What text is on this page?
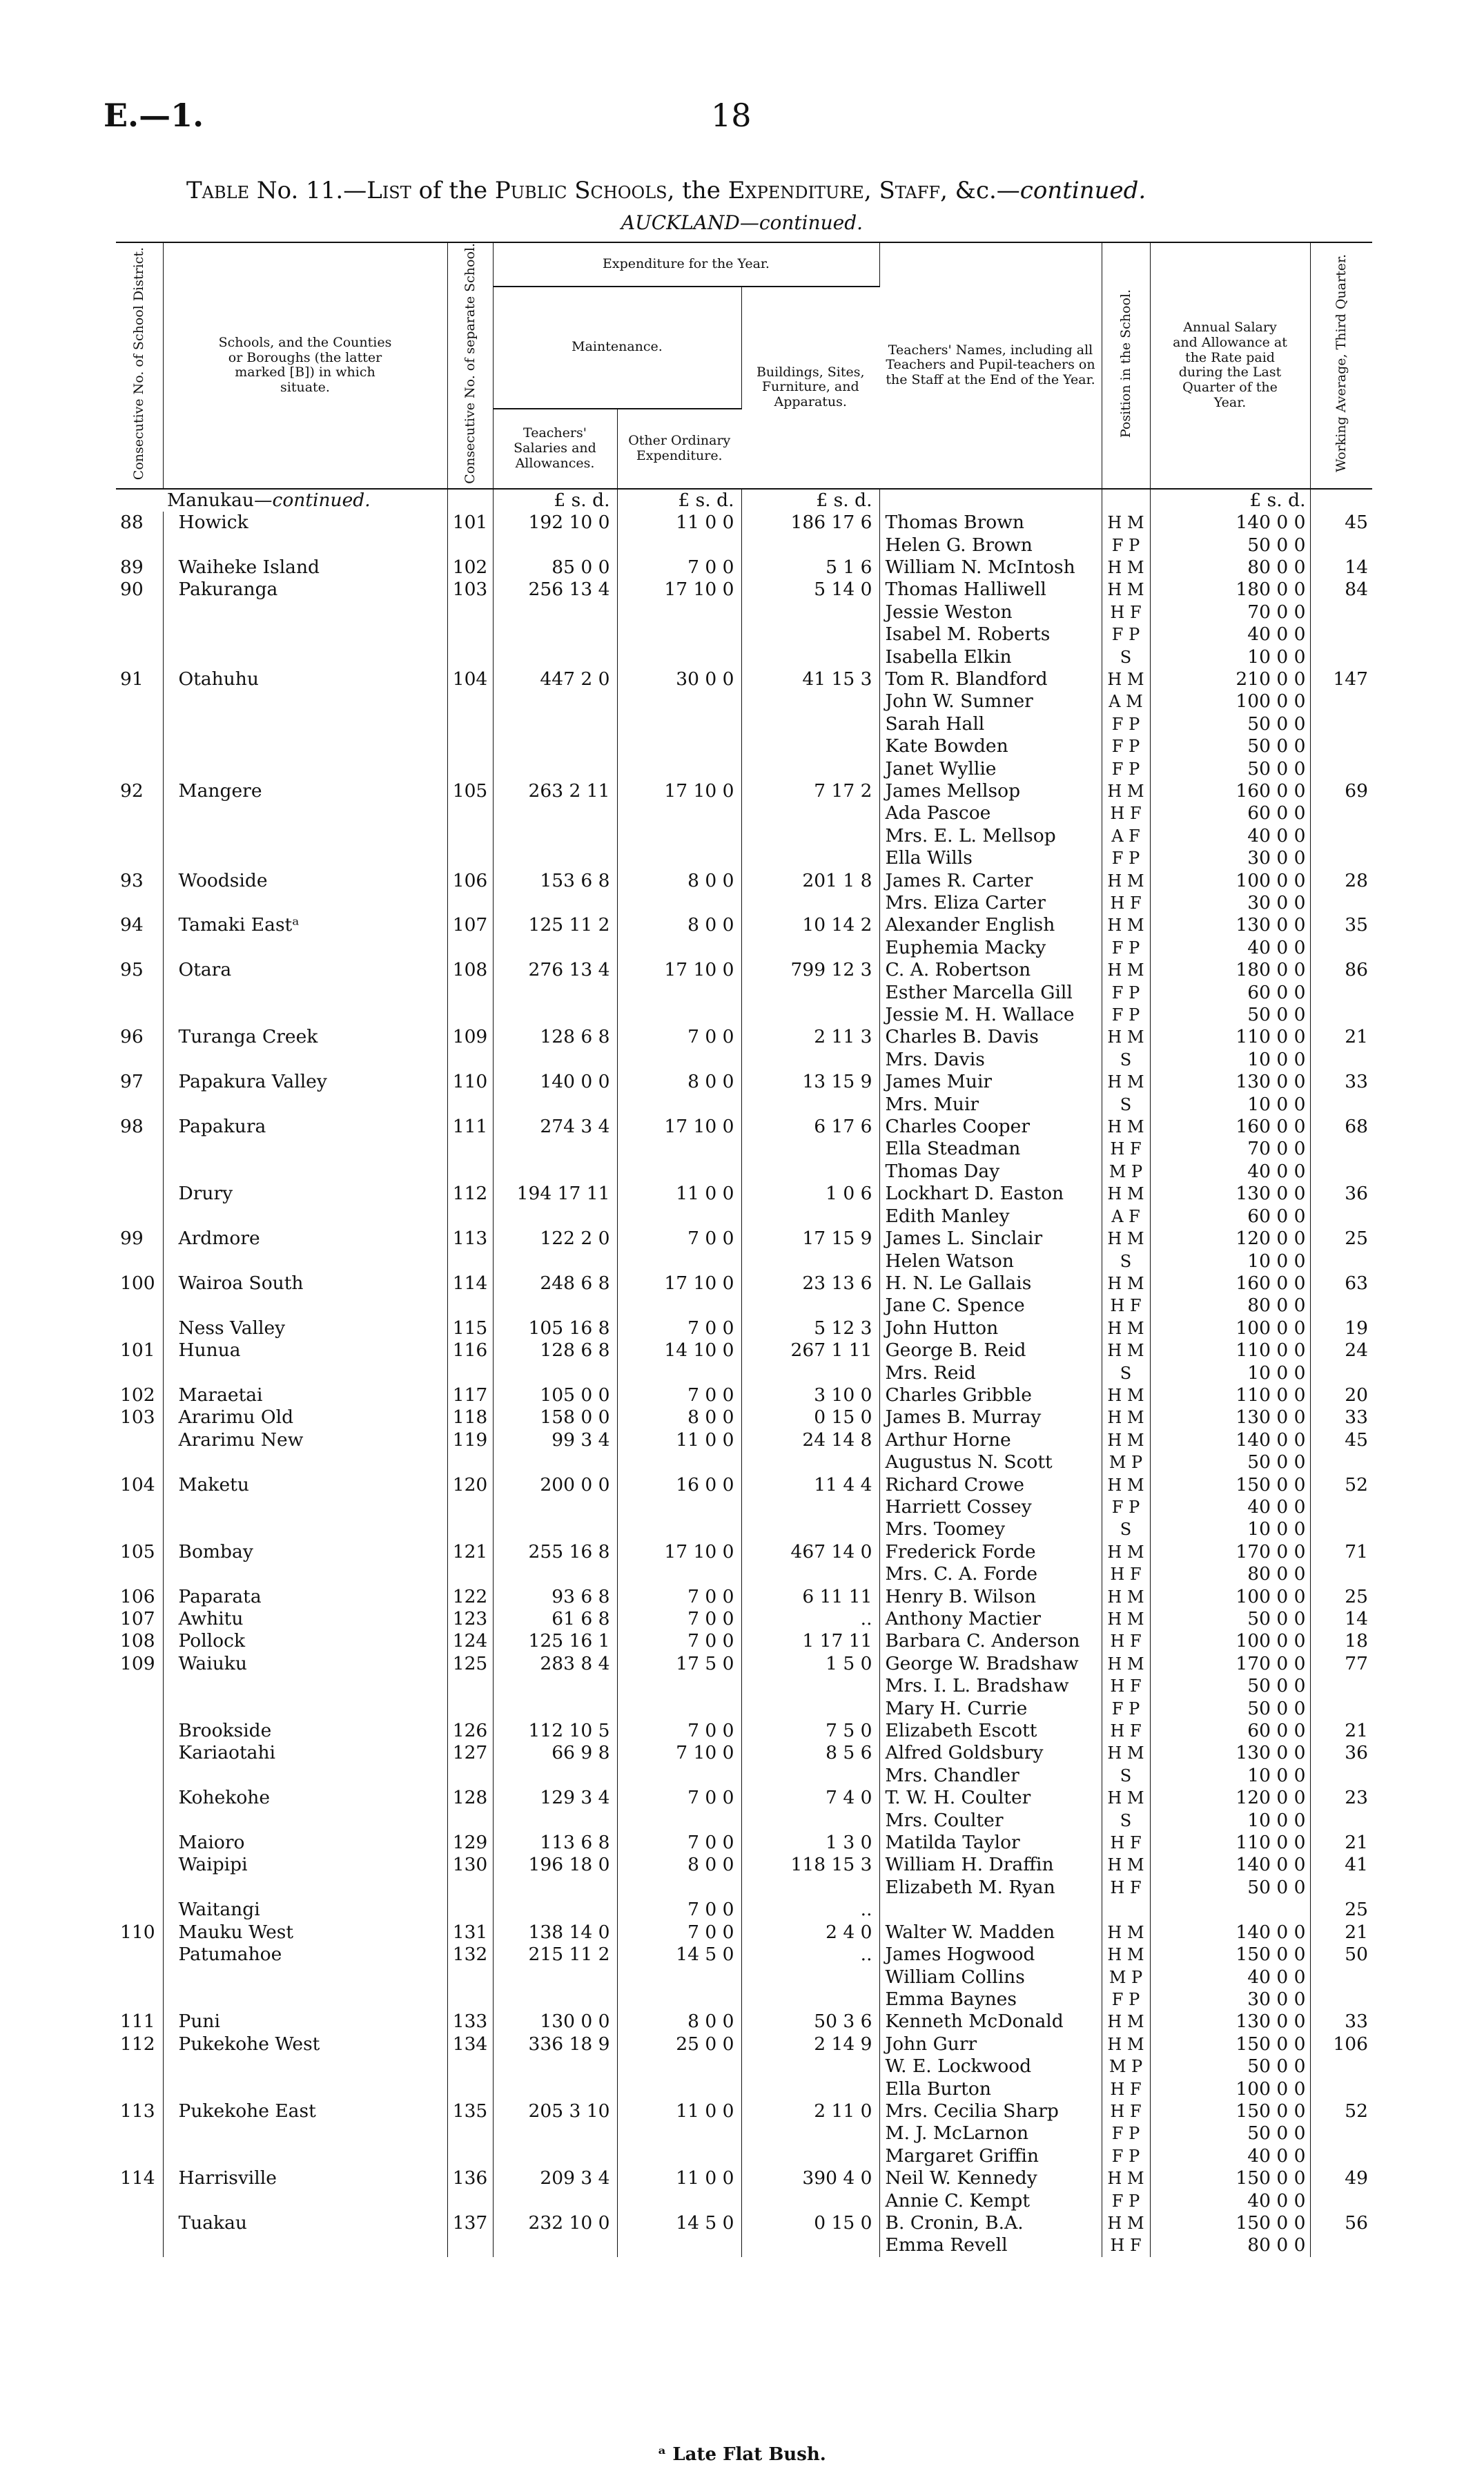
E.—1.	18
Table No. 11.—List of the Public Schools, the Expenditure, Staff, &c.—continued.
AUCKLAND—continued.
Consecutive No. of School District.	Schools, and the Counties or Boroughs (the latter marked [B]) in which situate.	Consecutive No. of separate School.	Expenditure for the Year.			Teachers' Names, including all Teachers and Pupil-teachers on the Staff at the End of the Year.	Position in the School.	Annual Salary and Allowance at the Rate paid during the Last Quarter of the Year.	Working Average, Third Quarter.
			Maintenance.		Buildings, Sites, Furniture, and Apparatus.				

			Teachers' Salaries and Allowances.	Other Ordinary Expenditure.					

	Manukau—continued.		£ s. d.	£ s. d.	£ s. d.			£ s. d.	
88	Howick	101	192 10 0	11 0 0	186 17 6	Thomas Brown	H M	140 0 0	45
						Helen G. Brown	F P	50 0 0	
89	Waiheke Island	102	85 0 0	7 0 0	5 1 6	William N. McIntosh	H M	80 0 0	14
90	Pakuranga	103	256 13 4	17 10 0	5 14 0	Thomas Halliwell	H M	180 0 0	84
						Jessie Weston	H F	70 0 0	
						Isabel M. Roberts	F P	40 0 0	
						Isabella Elkin	S	10 0 0	
91	Otahuhu	104	447 2 0	30 0 0	41 15 3	Tom R. Blandford	H M	210 0 0	147
						John W. Sumner	A M	100 0 0	
						Sarah Hall	F P	50 0 0	
						Kate Bowden	F P	50 0 0	
						Janet Wyllie	F P	50 0 0	
92	Mangere	105	263 2 11	17 10 0	7 17 2	James Mellsop	H M	160 0 0	69
						Ada Pascoe	H F	60 0 0	
						Mrs. E. L. Mellsop	A F	40 0 0	
						Ella Wills	F P	30 0 0	
93	Woodside	106	153 6 8	8 0 0	201 1 8	James R. Carter	H M	100 0 0	28
						Mrs. Eliza Carter	H F	30 0 0	
94	Tamaki Eastᵃ	107	125 11 2	8 0 0	10 14 2	Alexander English	H M	130 0 0	35
						Euphemia Macky	F P	40 0 0	
95	Otara	108	276 13 4	17 10 0	799 12 3	C. A. Robertson	H M	180 0 0	86
						Esther Marcella Gill	F P	60 0 0	
						Jessie M. H. Wallace	F P	50 0 0	
96	Turanga Creek	109	128 6 8	7 0 0	2 11 3	Charles B. Davis	H M	110 0 0	21
						Mrs. Davis	S	10 0 0	
97	Papakura Valley	110	140 0 0	8 0 0	13 15 9	James Muir	H M	130 0 0	33
						Mrs. Muir	S	10 0 0	
98	Papakura	111	274 3 4	17 10 0	6 17 6	Charles Cooper	H M	160 0 0	68
						Ella Steadman	H F	70 0 0	
						Thomas Day	M P	40 0 0	
	Drury	112	194 17 11	11 0 0	1 0 6	Lockhart D. Easton	H M	130 0 0	36
						Edith Manley	A F	60 0 0	
99	Ardmore	113	122 2 0	7 0 0	17 15 9	James L. Sinclair	H M	120 0 0	25
						Helen Watson	S	10 0 0	
100	Wairoa South	114	248 6 8	17 10 0	23 13 6	H. N. Le Gallais	H M	160 0 0	63
						Jane C. Spence	H F	80 0 0	
	Ness Valley	115	105 16 8	7 0 0	5 12 3	John Hutton	H M	100 0 0	19
101	Hunua	116	128 6 8	14 10 0	267 1 11	George B. Reid	H M	110 0 0	24
						Mrs. Reid	S	10 0 0	
102	Maraetai	117	105 0 0	7 0 0	3 10 0	Charles Gribble	H M	110 0 0	20
103	Ararimu Old	118	158 0 0	8 0 0	0 15 0	James B. Murray	H M	130 0 0	33
	Ararimu New	119	99 3 4	11 0 0	24 14 8	Arthur Horne	H M	140 0 0	45
						Augustus N. Scott	M P	50 0 0	
104	Maketu	120	200 0 0	16 0 0	11 4 4	Richard Crowe	H M	150 0 0	52
						Harriett Cossey	F P	40 0 0	
						Mrs. Toomey	S	10 0 0	
105	Bombay	121	255 16 8	17 10 0	467 14 0	Frederick Forde	H M	170 0 0	71
						Mrs. C. A. Forde	H F	80 0 0	
106	Paparata	122	93 6 8	7 0 0	6 11 11	Henry B. Wilson	H M	100 0 0	25
107	Awhitu	123	61 6 8	7 0 0	..	Anthony Mactier	H M	50 0 0	14
108	Pollock	124	125 16 1	7 0 0	1 17 11	Barbara C. Anderson	H F	100 0 0	18
109	Waiuku	125	283 8 4	17 5 0	1 5 0	George W. Bradshaw	H M	170 0 0	77
						Mrs. I. L. Bradshaw	H F	50 0 0	
						Mary H. Currie	F P	50 0 0	
	Brookside	126	112 10 5	7 0 0	7 5 0	Elizabeth Escott	H F	60 0 0	21
	Kariaotahi	127	66 9 8	7 10 0	8 5 6	Alfred Goldsbury	H M	130 0 0	36
						Mrs. Chandler	S	10 0 0	
	Kohekohe	128	129 3 4	7 0 0	7 4 0	T. W. H. Coulter	H M	120 0 0	23
						Mrs. Coulter	S	10 0 0	
	Maioro	129	113 6 8	7 0 0	1 3 0	Matilda Taylor	H F	110 0 0	21
	Waipipi	130	196 18 0	8 0 0	118 15 3	William H. Draffin	H M	140 0 0	41
						Elizabeth M. Ryan	H F	50 0 0	
	Waitangi			7 0 0	..				25
110	Mauku West	131	138 14 0	7 0 0	2 4 0	Walter W. Madden	H M	140 0 0	21
	Patumahoe	132	215 11 2	14 5 0	..	James Hogwood	H M	150 0 0	50
						William Collins	M P	40 0 0	
						Emma Baynes	F P	30 0 0	
111	Puni	133	130 0 0	8 0 0	50 3 6	Kenneth McDonald	H M	130 0 0	33
112	Pukekohe West	134	336 18 9	25 0 0	2 14 9	John Gurr	H M	150 0 0	106
						W. E. Lockwood	M P	50 0 0	
						Ella Burton	H F	100 0 0	
113	Pukekohe East	135	205 3 10	11 0 0	2 11 0	Mrs. Cecilia Sharp	H F	150 0 0	52
						M. J. McLarnon	F P	50 0 0	
						Margaret Griffin	F P	40 0 0	
114	Harrisville	136	209 3 4	11 0 0	390 4 0	Neil W. Kennedy	H M	150 0 0	49
						Annie C. Kempt	F P	40 0 0	
	Tuakau	137	232 10 0	14 5 0	0 15 0	B. Cronin, B.A.	H M	150 0 0	56
						Emma Revell	H F	80 0 0	
ᵃ Late Flat Bush.
